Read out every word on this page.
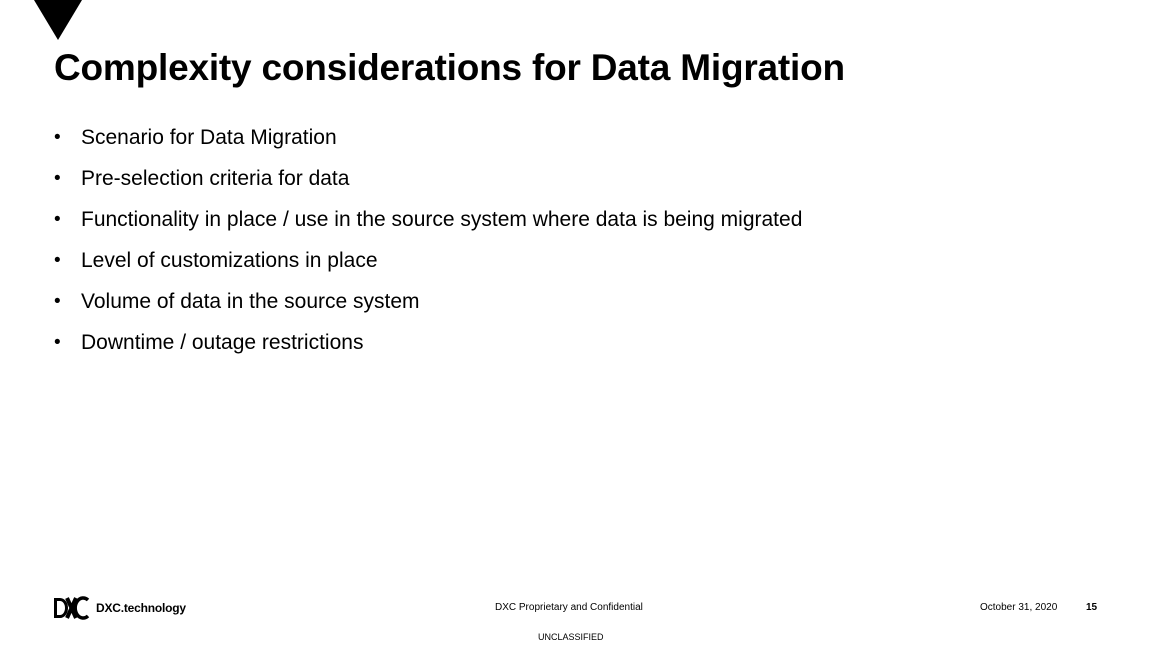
Complexity considerations for Data Migration
• Scenario for Data Migration
• Pre-selection criteria for data
• Functionality in place / use in the source system where data is being migrated
• Level of customizations in place
• Volume of data in the source system
• Downtime / outage restrictions
DXC.technology	DXC Proprietary and Confidential
UNCLASSIFIED
October 31, 2020	15
